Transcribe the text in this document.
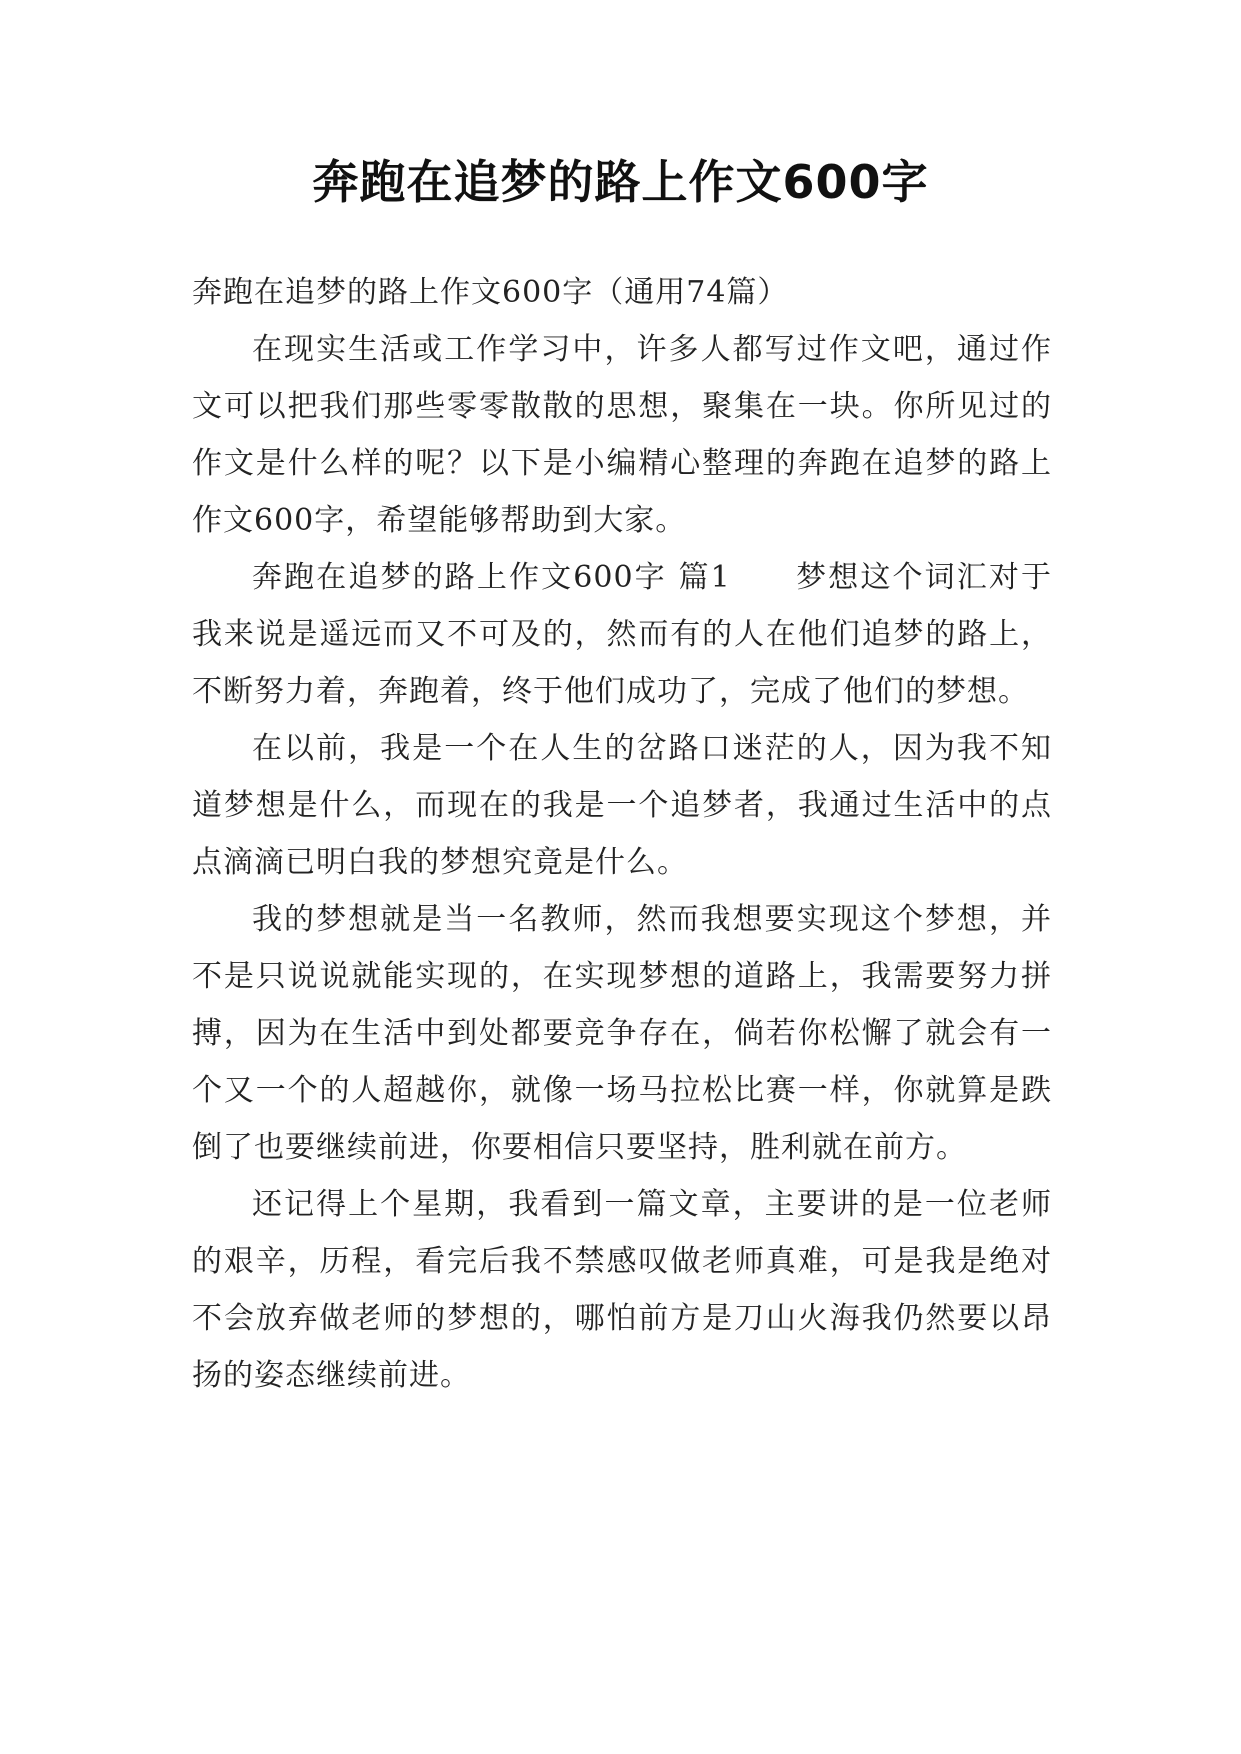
奔跑在追梦的路上作文600字

奔跑在追梦的路上作文600字（通用74篇）

在现实生活或工作学习中，许多人都写过作文吧，通过作文可以把我们那些零零散散的思想，聚集在一块。你所见过的作文是什么样的呢？以下是小编精心整理的奔跑在追梦的路上作文600字，希望能够帮助到大家。

奔跑在追梦的路上作文600字 篇1　　梦想这个词汇对于我来说是遥远而又不可及的，然而有的人在他们追梦的路上，不断努力着，奔跑着，终于他们成功了，完成了他们的梦想。

在以前，我是一个在人生的岔路口迷茫的人，因为我不知道梦想是什么，而现在的我是一个追梦者，我通过生活中的点点滴滴已明白我的梦想究竟是什么。

我的梦想就是当一名教师，然而我想要实现这个梦想，并不是只说说就能实现的，在实现梦想的道路上，我需要努力拼搏，因为在生活中到处都要竞争存在，倘若你松懈了就会有一个又一个的人超越你，就像一场马拉松比赛一样，你就算是跌倒了也要继续前进，你要相信只要坚持，胜利就在前方。

还记得上个星期，我看到一篇文章，主要讲的是一位老师的艰辛，历程，看完后我不禁感叹做老师真难，可是我是绝对不会放弃做老师的梦想的，哪怕前方是刀山火海我仍然要以昂扬的姿态继续前进。
